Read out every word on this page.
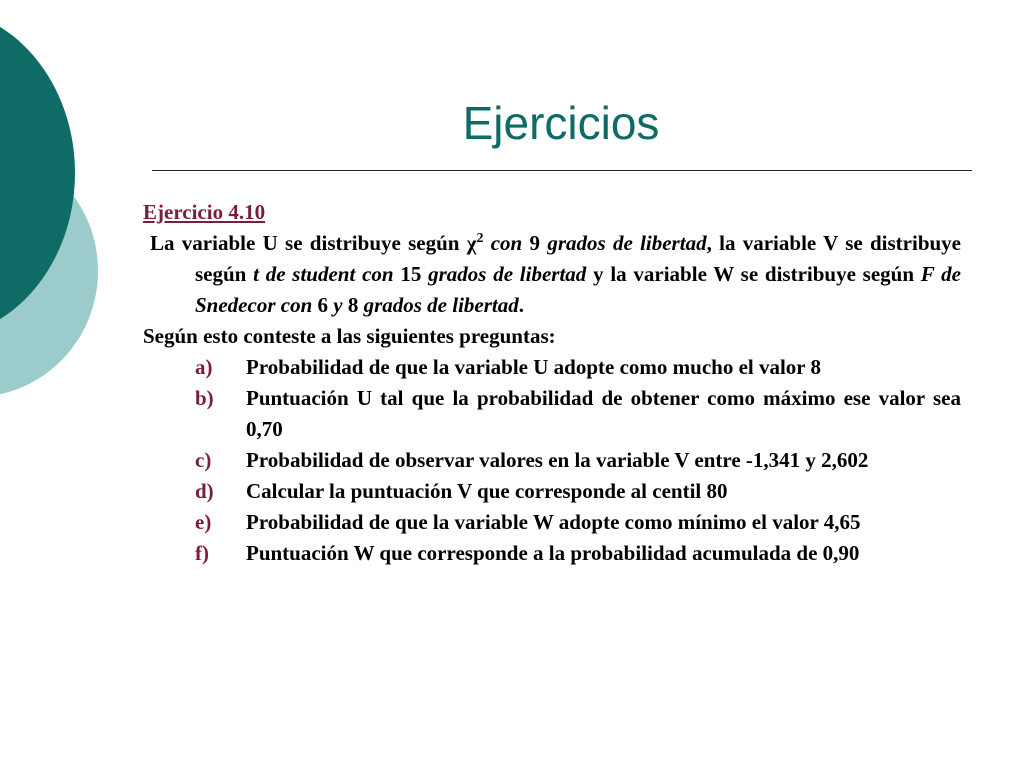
Ejercicios
Ejercicio 4.10
La variable U se distribuye según $\chi^2$ con 9 grados de libertad, la variable V se distribuye según t de student con 15 grados de libertad y la variable W se distribuye según F de Snedecor con 6 y 8 grados de libertad.
Según esto conteste a las siguientes preguntas:
a)	Probabilidad de que la variable U adopte como mucho el valor 8
b)	Puntuación U tal que la probabilidad de obtener como máximo ese valor sea 0,70
c)	Probabilidad de observar valores en la variable V entre -1,341 y 2,602
d)	Calcular la puntuación V que corresponde al centil 80
e)	Probabilidad de que la variable W adopte como mínimo el valor 4,65
f)	Puntuación W que corresponde a la probabilidad acumulada de 0,90
